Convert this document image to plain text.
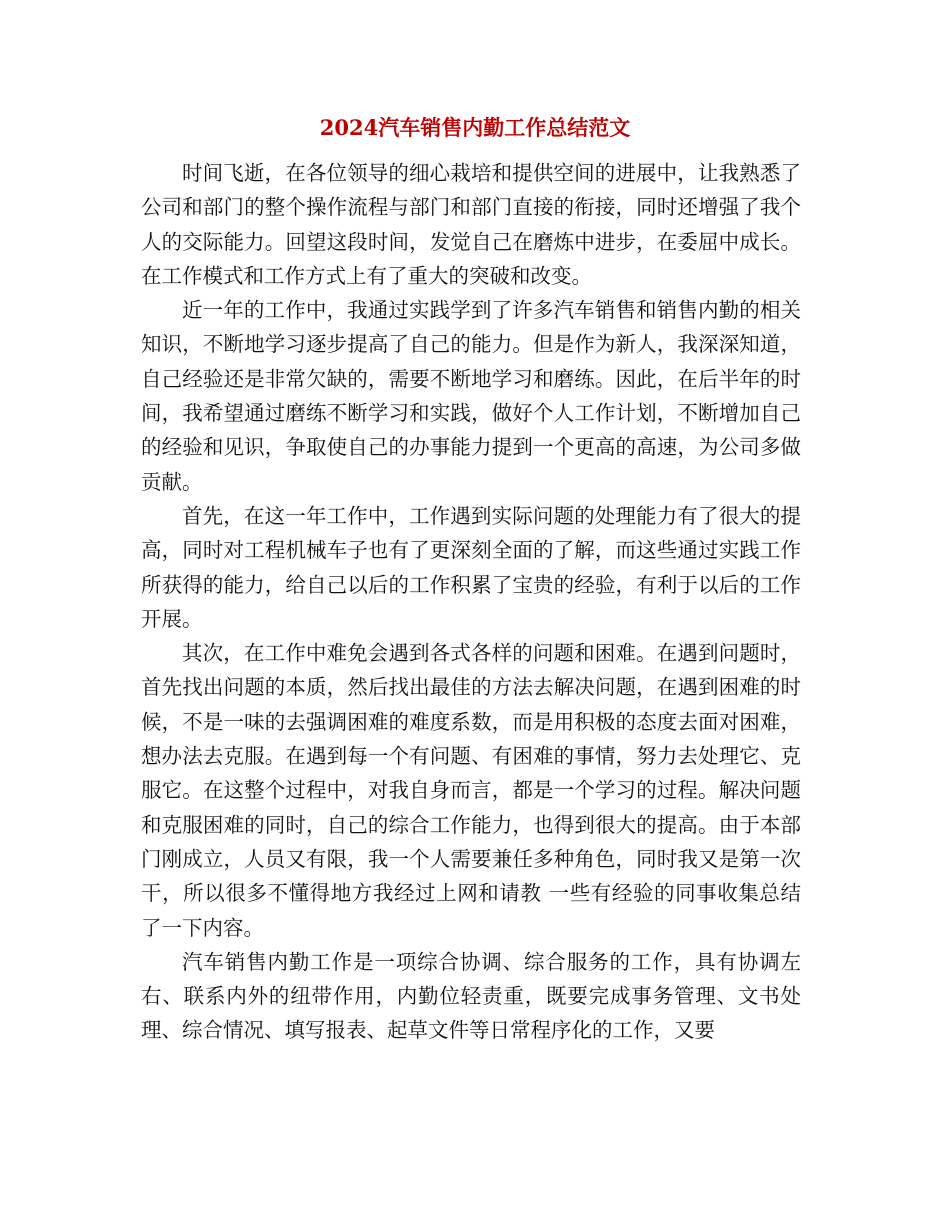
2024汽车销售内勤工作总结范文

时间飞逝，在各位领导的细心栽培和提供空间的进展中，让我熟悉了公司和部门的整个操作流程与部门和部门直接的衔接，同时还增强了我个人的交际能力。回望这段时间，发觉自己在磨炼中进步，在委屈中成长。在工作模式和工作方式上有了重大的突破和改变。

近一年的工作中，我通过实践学到了许多汽车销售和销售内勤的相关知识，不断地学习逐步提高了自己的能力。但是作为新人，我深深知道，自己经验还是非常欠缺的，需要不断地学习和磨练。因此，在后半年的时间，我希望通过磨练不断学习和实践，做好个人工作计划，不断增加自己的经验和见识，争取使自己的办事能力提到一个更高的高速，为公司多做贡献。

首先，在这一年工作中，工作遇到实际问题的处理能力有了很大的提高，同时对工程机械车子也有了更深刻全面的了解，而这些通过实践工作所获得的能力，给自己以后的工作积累了宝贵的经验，有利于以后的工作开展。

其次，在工作中难免会遇到各式各样的问题和困难。在遇到问题时，首先找出问题的本质，然后找出最佳的方法去解决问题，在遇到困难的时候，不是一味的去强调困难的难度系数，而是用积极的态度去面对困难，想办法去克服。在遇到每一个有问题、有困难的事情，努力去处理它、克服它。在这整个过程中，对我自身而言，都是一个学习的过程。解决问题和克服困难的同时，自己的综合工作能力，也得到很大的提高。由于本部门刚成立，人员又有限，我一个人需要兼任多种角色，同时我又是第一次干，所以很多不懂得地方我经过上网和请教 一些有经验的同事收集总结了一下内容。

汽车销售内勤工作是一项综合协调、综合服务的工作，具有协调左右、联系内外的纽带作用，内勤位轻责重，既要完成事务管理、文书处理、综合情况、填写报表、起草文件等日常程序化的工作，又要
